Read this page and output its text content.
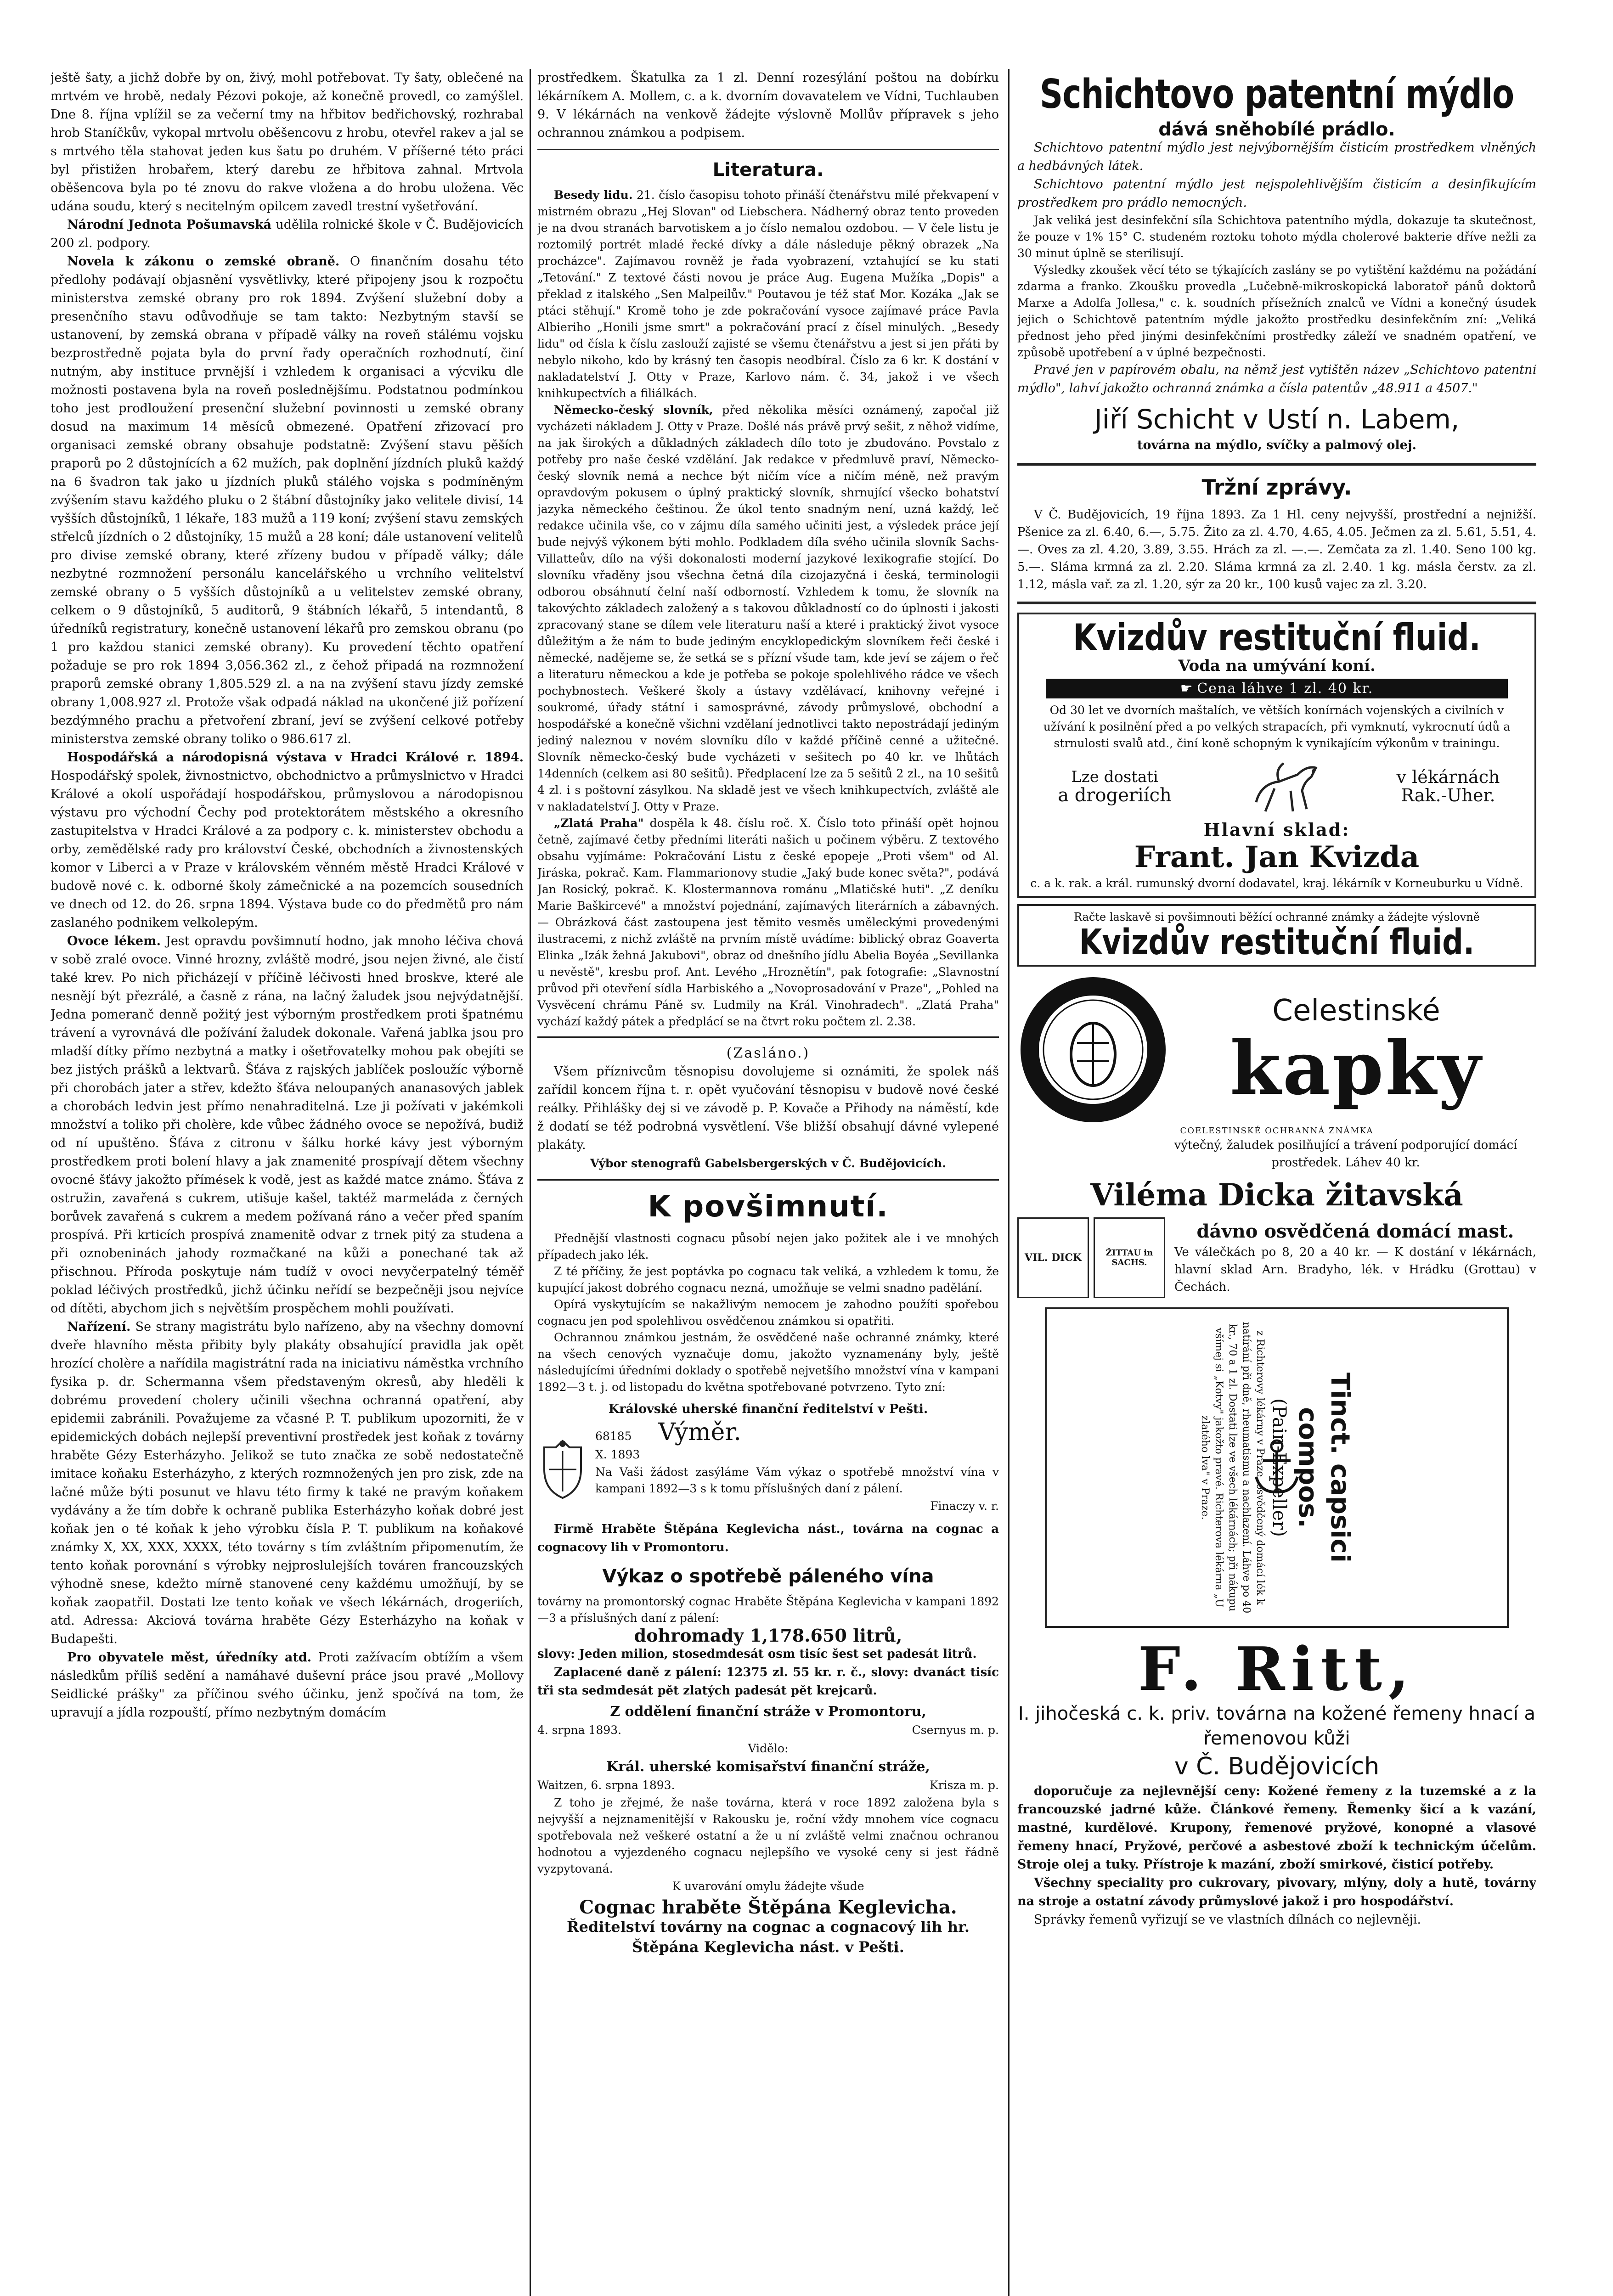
ještě šaty, a jichž dobře by on, živý, mohl potřebovat. Ty šaty, oblečené na mrtvém ve hrobě, nedaly Pézovi pokoje, až konečně provedl, co zamýšlel. Dne 8. října vplížil se za večerní tmy na hřbitov bedřichovský, rozhrabal hrob Staníčkův, vykopal mrtvolu oběšencovu z hrobu, otevřel rakev a jal se s mrtvého těla stahovat jeden kus šatu po druhém. V příšerné této práci byl přistižen hrobařem, který darebu ze hřbitova zahnal. Mrtvola oběšencova byla po té znovu do rakve vložena a do hrobu uložena. Věc udána soudu, který s necitelným opilcem zavedl trestní vyšetřování.

Národní Jednota Pošumavská udělila rolnické škole v Č. Budějovicích 200 zl. podpory.

Novela k zákonu o zemské obraně. O finančním dosahu této předlohy podávají objasnění vysvětlivky, které připojeny jsou k rozpočtu ministerstva zemské obrany pro rok 1894. Zvýšení služební doby a presenčního stavu odůvodňuje se tam takto: Nezbytným stavší se ustanovení, by zemská obrana v případě války na roveň stálému vojsku bezprostředně pojata byla do první řady operačních rozhodnutí, činí nutným, aby instituce prvnější i vzhledem k organisaci a výcviku dle možnosti postavena byla na roveň poslednějšímu. Podstatnou podmínkou toho jest prodloužení presenční služební povinnosti u zemské obrany dosud na maximum 14 měsíců obmezené. Opatření zřizovací pro organisaci zemské obrany obsahuje podstatně: Zvýšení stavu pěších praporů po 2 důstojnících a 62 mužích, pak doplnění jízdních pluků každý na 6 švadron tak jako u jízdních pluků stálého vojska s podmíněným zvýšením stavu každého pluku o 2 štábní důstojníky jako velitele divisí, 14 vyšších důstojníků, 1 lékaře, 183 mužů a 119 koní; zvýšení stavu zemských střelců jízdních o 2 důstojníky, 15 mužů a 28 koní; dále ustanovení velitelů pro divise zemské obrany, které zřízeny budou v případě války; dále nezbytné rozmnožení personálu kancelářského u vrchního velitelství zemské obrany o 5 vyšších důstojníků a u velitelstev zemské obrany, celkem o 9 důstojníků, 5 auditorů, 9 štábních lékařů, 5 intendantů, 8 úředníků registratury, konečně ustanovení lékařů pro zemskou obranu (po 1 pro každou stanici zemské obrany). Ku provedení těchto opatření požaduje se pro rok 1894 3,056.362 zl., z čehož připadá na rozmnožení praporů zemské obrany 1,805.529 zl. a na na zvýšení stavu jízdy zemské obrany 1,008.927 zl. Protože však odpadá náklad na ukončené již pořízení bezdýmného prachu a přetvoření zbraní, jeví se zvýšení celkové potřeby ministerstva zemské obrany toliko o 986.617 zl.

Hospodářská a národopisná výstava v Hradci Králové r. 1894. Hospodářský spolek, živnostnictvo, obchodnictvo a průmyslnictvo v Hradci Králové a okolí uspořádají hospodářskou, průmyslovou a národopisnou výstavu pro východní Čechy pod protektorátem městského a okresního zastupitelstva v Hradci Králové a za podpory c. k. ministerstev obchodu a orby, zemědělské rady pro království České, obchodních a živnostenských komor v Liberci a v Praze v královském věnném městě Hradci Králové v budově nové c. k. odborné školy zámečnické a na pozemcích sousedních ve dnech od 12. do 26. srpna 1894. Výstava bude co do předmětů pro nám zaslaného podnikem velkolepým.

Ovoce lékem. Jest opravdu povšimnutí hodno, jak mnoho léčiva chová v sobě zralé ovoce. Vinné hrozny, zvláště modré, jsou nejen živné, ale čistí také krev. Po nich přicházejí v příčině léčivosti hned broskve, které ale nesnějí být přezrálé, a časně z rána, na lačný žaludek jsou nejvýdatnější. Jedna pomeranč denně požitý jest výborným prostředkem proti špatnému trávení a vyrovnává dle požívání žaludek dokonale. Vařená jablka jsou pro mladší dítky přímo nezbytná a matky i ošetřovatelky mohou pak obejíti se bez jistých prášků a lektvarů. Šťáva z rajských jablíček posloužíc výborně při chorobách jater a střev, kdežto šťáva neloupaných ananasových jablek a chorobách ledvin jest přímo nenahraditelná. Lze ji požívati v jakémkoli množství a toliko při cholère, kde vůbec žádného ovoce se nepožívá, budiž od ní upuštěno. Šťáva z citronu v šálku horké kávy jest výborným prostředkem proti bolení hlavy a jak znamenité prospívají dětem všechny ovocné šťávy jakožto přímések k vodě, jest as každé matce známo. Šťáva z ostružin, zavařená s cukrem, utišuje kašel, taktéž marmeláda z černých borůvek zavařená s cukrem a medem požívaná ráno a večer před spaním prospívá. Při krticích prospívá znamenitě odvar z trnek pitý za studena a při oznobeninách jahody rozmačkané na kůži a ponechané tak až přischnou. Příroda poskytuje nám tudíž v ovoci nevyčerpatelný téměř poklad léčivých prostředků, jichž účinku neřídí se bezpečněji jsou nejvíce od dítěti, abychom jich s největším prospěchem mohli používati.

Nařízení. Se strany magistrátu bylo nařízeno, aby na všechny domovní dveře hlavního města přibity byly plakáty obsahující pravidla jak opět hrozící cholère a nařídila magistrátní rada na iniciativu náměstka vrchního fysika p. dr. Schermanna všem představeným okresů, aby hleděli k dobrému provedení cholery učinili všechna ochranná opatření, aby epidemii zabránili. Považujeme za včasné P. T. publikum upozorniti, že v epidemických dobách nejlepší preventivní prostředek jest koňak z továrny hraběte Gézy Esterházyho. Jelikož se tuto značka ze sobě nedostatečně imitace koňaku Esterházyho, z kterých rozmnožených jen pro zisk, zde na lačné může býti posunut ve hlavu této firmy k také ne pravým koňakem vydávány a že tím dobře k ochraně publika Esterházyho koňak dobré jest koňak jen o té koňak k jeho výrobku čísla P. T. publikum na koňakové známky X, XX, XXX, XXXX, této továrny s tím zvláštním připomenutím, že tento koňak porovnání s výrobky nejproslulejších továren francouzských výhodně snese, kdežto mírně stanovené ceny každému umožňují, by se koňak zaopatřil. Dostati lze tento koňak ve všech lékárnách, drogeriích, atd. Adressa: Akciová továrna hraběte Gézy Esterházyho na koňak v Budapešti.

Pro obyvatele měst, úředníky atd. Proti zažívacím obtížím a všem následkům příliš sedění a namáhavé duševní práce jsou pravé „Mollovy Seidlické prášky" za příčinou svého účinku, jenž spočívá na tom, že upravují a jídla rozpouští, přímo nezbytným domácím

prostředkem. Škatulka za 1 zl. Denní rozesýlání poštou na dobírku lékárníkem A. Mollem, c. a k. dvorním dovavatelem ve Vídni, Tuchlauben 9. V lékárnách na venkově žádejte výslovně Mollův přípravek s jeho ochrannou známkou a podpisem.

Literatura.

Besedy lidu. 21. číslo časopisu tohoto přináší čtenářstvu milé překvapení v mistrném obrazu „Hej Slovan" od Liebschera. Nádherný obraz tento proveden je na dvou stranách barvotiskem a jo číslo nemalou ozdobou. — V čele listu je roztomilý portrét mladé řecké dívky a dále následuje pěkný obrazek „Na procházce". Zajímavou rovněž je řada vyobrazení, vztahující se ku stati „Tetování." Z textové části novou je práce Aug. Eugena Mužíka „Dopis" a překlad z italského „Sen Malpeilův." Poutavou je též stať Mor. Kozáka „Jak se ptáci stěhují." Kromě toho je zde pokračování vysoce zajímavé práce Pavla Albieriho „Honili jsme smrt" a pokračování prací z čísel minulých. „Besedy lidu" od čísla k číslu zaslouží zajisté se všemu čtenářstvu a jest si jen přáti by nebylo nikoho, kdo by krásný ten časopis neodbíral. Číslo za 6 kr. K dostání v nakladatelství J. Otty v Praze, Karlovo nám. č. 34, jakož i ve všech knihkupectvích a filiálkách.

Německo-český slovník, před několika měsíci oznámený, započal již vycházeti nákladem J. Otty v Praze. Došlé nás právě prvý sešit, z něhož vidíme, na jak širokých a důkladných základech dílo toto je zbudováno. Povstalo z potřeby pro naše české vzdělání. Jak redakce v předmluvě praví, Německo-český slovník nemá a nechce být ničím více a ničím méně, než pravým opravdovým pokusem o úplný praktický slovník, shrnující všecko bohatství jazyka německého češtinou. Že úkol tento snadným není, uzná každý, leč redakce učinila vše, co v zájmu díla samého učiniti jest, a výsledek práce její bude nejvýš výkonem býti mohlo. Podkladem díla svého učinila slovník Sachs-Villatteův, dílo na výši dokonalosti moderní jazykové lexikografie stojící. Do slovníku vřaděny jsou všechna četná díla cizojazyčná i česká, terminologii odborou obsáhnutí čelní naší odborností. Vzhledem k tomu, že slovník na takovýchto základech založený a s takovou důkladností co do úplnosti i jakosti zpracovaný stane se dílem vele literaturu naší a které i praktický život vysoce důležitým a že nám to bude jediným encyklopedickým slovníkem řeči české i německé, nadějeme se, že setká se s přízní všude tam, kde jeví se zájem o řeč a literaturu německou a kde je potřeba se pokoje spolehlivého rádce ve všech pochybnostech. Veškeré školy a ústavy vzdělávací, knihovny veřejné i soukromé, úřady státní i samosprávné, závody průmyslové, obchodní a hospodářské a konečně všichni vzdělaní jednotlivci takto nepostrádají jediným jediný naleznou v novém slovníku dílo v každé příčině cenné a užitečné. Slovník německo-český bude vycházeti v sešitech po 40 kr. ve lhůtách 14denních (celkem asi 80 sešitů). Předplacení lze za 5 sešitů 2 zl., na 10 sešitů 4 zl. i s poštovní zásylkou. Na skladě jest ve všech knihkupectvích, zvláště ale v nakladatelství J. Otty v Praze.

„Zlatá Praha" dospěla k 48. číslu roč. X. Číslo toto přináší opět hojnou četně, zajímavé četby předními literáti našich u počinem výběru. Z textového obsahu vyjímáme: Pokračování Listu z české epopeje „Proti všem" od Al. Jiráska, pokrač. Kam. Flammarionovy studie „Jaký bude konec světa?", podává Jan Rosický, pokrač. K. Klostermannova románu „Mlatičské huti". „Z deníku Marie Baškircevé" a množství pojednání, zajímavých literárních a zábavných. — Obrázková část zastoupena jest těmito vesměs uměleckými provedenými ilustracemi, z nichž zvláště na prvním místě uvádíme: biblický obraz Goaverta Elinka „Izák žehná Jakubovi", obraz od dnešního jídlu Abelia Boyéa „Sevillanka u nevěstě", kresbu prof. Ant. Levého „Hroznětín", pak fotografie: „Slavnostní průvod při otevření sídla Harbiského a „Novoprosadování v Praze", „Pohled na Vysvěcení chrámu Páně sv. Ludmily na Král. Vinohradech". „Zlatá Praha" vychází každý pátek a předplácí se na čtvrt roku počtem zl. 2.38.

(Zasláno.)

Všem příznivcům těsnopisu dovolujeme si oznámiti, že spolek náš zařídil koncem října t. r. opět vyučování těsnopisu v budově nové české reálky. Přihlášky dej si ve závodě p. P. Kovače a Přihody na náměstí, kde ž dodatí se též podrobná vysvětlení. Vše bližší obsahují dávné vylepené plakáty.

Výbor stenografů Gabelsbergerských v Č. Budějovicích.

K povšimnutí.

Přednější vlastnosti cognacu působí nejen jako požitek ale i ve mnohých případech jako lék.

Z té příčiny, že jest poptávka po cognacu tak veliká, a vzhledem k tomu, že kupující jakost dobrého cognacu nezná, umožňuje se velmi snadno padělání.

Opírá vyskytujícím se nakažlivým nemocem je zahodno použíti spořebou cognacu jen pod spolehlivou osvědčenou známkou si opatřiti.

Ochrannou známkou jestnám, že osvědčené naše ochranné známky, které na všech cenových vyznačuje domu, jakožto vyznamenány byly, ještě následujícími úředními doklady o spotřebě nejvetšího množství vína v kampani 1892—3 t. j. od listopadu do května spotřebované potvrzeno. Tyto zní:

Královské uherské finanční ředitelství v Pešti.

68185

X. 1893

Výměr.

Na Vaši žádost zasýláme Vám výkaz o spotřebě množství vína v kampani 1892—3 s k tomu příslušných daní z pálení.

Finaczy v. r.

Firmě Hraběte Štěpána Keglevicha nást., továrna na cognac a cognacovy lih v Promontoru.

Výkaz o spotřebě páleného vína

továrny na promontorský cognac Hraběte Štěpána Keglevicha v kampani 1892—3 a příslušných daní z pálení:

dohromady 1,178.650 litrů,

slovy: Jeden milion, stosedmdesát osm tisíc šest set padesát litrů.

Zaplacené daně z pálení: 12375 zl. 55 kr. r. č., slovy: dvanáct tisíc tři sta sedmdesát pět zlatých padesát pět krejcarů.

Z oddělení finanční stráže v Promontoru,

4. srpna 1893.	Csernyus m. p.

Vidělo:

Král. uherské komisařství finanční stráže,

Waitzen, 6. srpna 1893.	Krisza m. p.

Z toho je zřejmé, že naše továrna, která v roce 1892 založena byla s nejvyšší a nejznamenitější v Rakousku je, roční vždy mnohem více cognacu spotřebovala než veškeré ostatní a že u ní zvláště velmi značnou ochranou hodnotou a vyjezdeného cognacu nejlepšího ve vysoké ceny si jest řádně vyzpytovaná.

K uvarování omylu žádejte všude

Cognac hraběte Štěpána Keglevicha.

Ředitelství továrny na cognac a cognacový lih hr. Štěpána Keglevicha nást. v Pešti.

Schichtovo patentní mýdlo

dává sněhobílé prádlo.

Schichtovo patentní mýdlo jest nejvýbornějším čisticím prostředkem vlněných a hedbávných látek.

Schichtovo patentní mýdlo jest nejspolehlivějším čisticím a desinfikujícím prostředkem pro prádlo nemocných.

Jak veliká jest desinfekční síla Schichtova patentního mýdla, dokazuje ta skutečnost, že pouze v 1% 15° C. studeném roztoku tohoto mýdla cholerové bakterie dříve nežli za 30 minut úplně se sterilisují.

Výsledky zkoušek věcí této se týkajících zaslány se po vytištění každému na požádání zdarma a franko. Zkoušku provedla „Lučebně-mikroskopická laboratoř pánů doktorů Marxe a Adolfa Jollesa," c. k. soudních přísežních znalců ve Vídni a konečný úsudek jejich o Schichtově patentním mýdle jakožto prostředku desinfekčním zní: „Veliká přednost jeho před jinými desinfekčními prostředky záleží ve snadném opatření, ve způsobě upotřebení a v úplné bezpečnosti.

Pravé jen v papírovém obalu, na němž jest vytištěn název „Schichtovo patentní mýdlo", lahví jakožto ochranná známka a čísla patentův „48.911 a 4507."

Jiří Schicht v Ustí n. Labem,

továrna na mýdlo, svíčky a palmový olej.

Tržní zprávy.

V Č. Budějovicích, 19 října 1893. Za 1 Hl. ceny nejvyšší, prostřední a nejnižší. Pšenice za zl. 6.40, 6.—, 5.75. Žito za zl. 4.70, 4.65, 4.05. Ječmen za zl. 5.61, 5.51, 4.—. Oves za zl. 4.20, 3.89, 3.55. Hrách za zl. —.—. Zemčata za zl. 1.40. Seno 100 kg. 5.—. Sláma krmná za zl. 2.20. Sláma krmná za zl. 2.40. 1 kg. másla čerstv. za zl. 1.12, másla vař. za zl. 1.20, sýr za 20 kr., 100 kusů vajec za zl. 3.20.

Kvizdův restituční fluid.

Voda na umývání koní.

☛ Cena láhve 1 zl. 40 kr.

Od 30 let ve dvorních maštalích, ve větších konírnách vojenských a civilních v užívání k posilnění před a po velkých strapacích, při vymknutí, vykrocnutí údů a strnulosti svalů atd., činí koně schopným k vynikajícím výkonům v trainingu.

Lze dostati

a drogeriích

v lékárnách

Rak.-Uher.

Hlavní sklad:

Frant. Jan Kvizda

c. a k. rak. a král. rumunský dvorní dodavatel, kraj. lékárník v Korneuburku u Vídně.

Račte laskavě si povšimnouti běžící ochranné známky a žádejte výslovně

Kvizdův restituční fluid.

Celestinské

kapky

COELESTINSKÉ OCHRANNÁ ZNÁMKA

výtečný, žaludek posilňující a trávení podporující domácí prostředek. Láhev 40 kr.

Viléma Dicka žitavská

VIL. DICK	ŽITTAU in SACHS.

dávno osvědčená domácí mast.

Ve válečkách po 8, 20 a 40 kr. — K dostání v lékárnách, hlavní sklad Arn. Bradyho, lék. v Hrádku (Grottau) v Čechách.

Tinct. capsici compos.

(Pain-Expeller)

z Richterovy lékárny v Praze, osvědčený domácí lék k natírání při dně, rheumatismu a nachlazení. Láhve po 40 kr., 70 a 1 zl. Dostati lze ve všech lékárnách; při nákupu všímej si „Kotvy" jakožto pravé. Richterova lékárna „U zlatého lva" v Praze.

F. Ritt,

I. jihočeská c. k. priv. továrna na kožené řemeny hnací a řemenovou kůži

v Č. Budějovicích

doporučuje za nejlevnější ceny: Kožené řemeny z la tuzemské a z la francouzské jadrné kůže. Článkové řemeny. Řemenky šicí a k vazání, mastné, kurdělové. Krupony, řemenové pryžové, konopné a vlasové řemeny hnací, Pryžové, perčové a asbestové zboží k technickým účelům. Stroje olej a tuky. Přístroje k mazání, zboží smirkové, čisticí potřeby.

Všechny speciality pro cukrovary, pivovary, mlýny, doly a hutě, továrny na stroje a ostatní závody průmyslové jakož i pro hospodářství.

Správky řemenů vyřizují se ve vlastních dílnách co nejlevněji.
